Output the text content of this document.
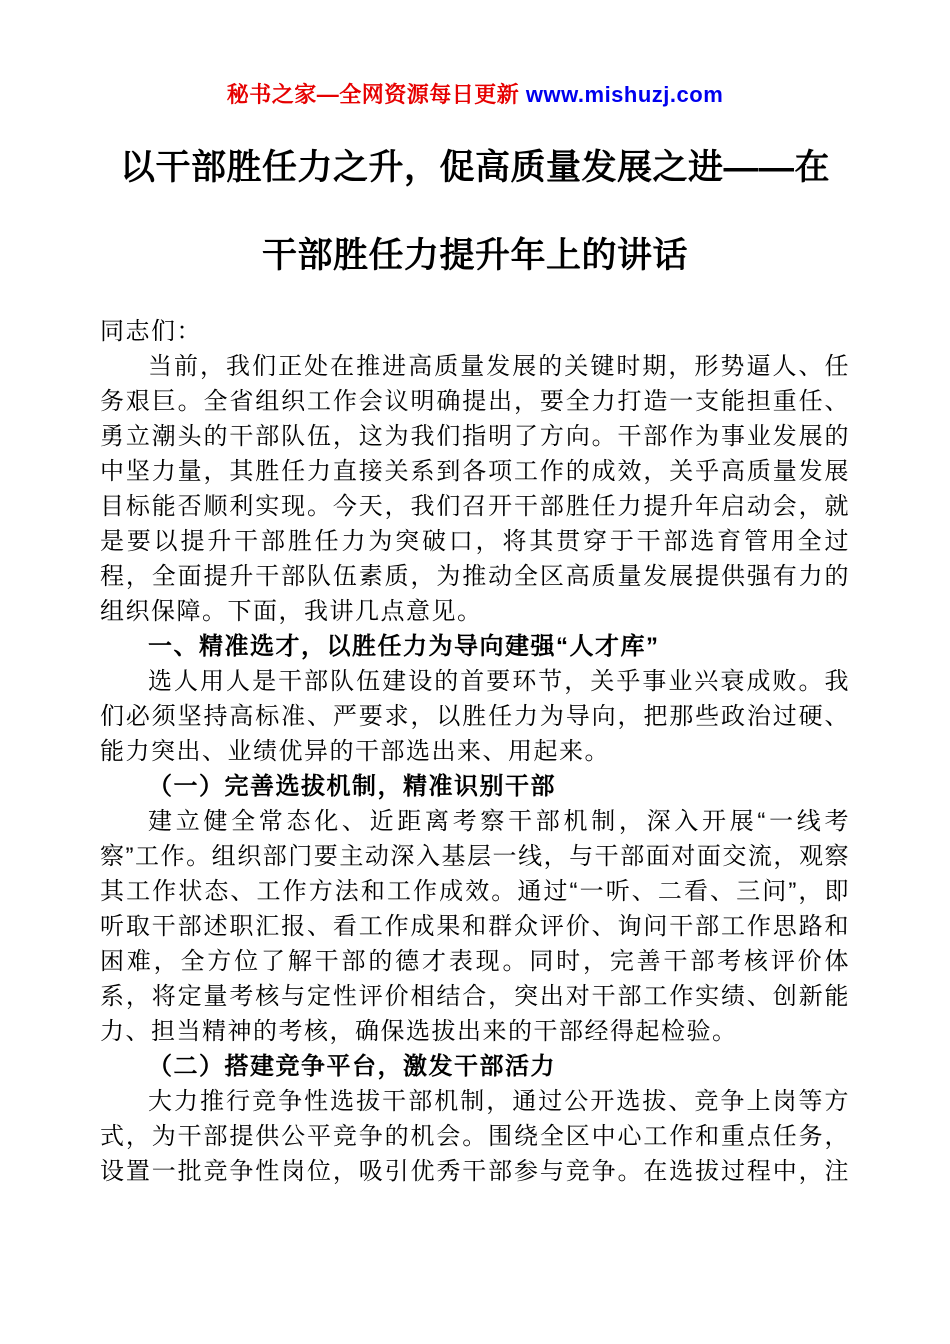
秘书之家—全网资源每日更新 www.mishuzj.com
以干部胜任力之升，促高质量发展之进——在
干部胜任力提升年上的讲话

同志们：

当前，我们正处在推进高质量发展的关键时期，形势逼人、任务艰巨。全省组织工作会议明确提出，要全力打造一支能担重任、勇立潮头的干部队伍，这为我们指明了方向。干部作为事业发展的中坚力量，其胜任力直接关系到各项工作的成效，关乎高质量发展目标能否顺利实现。今天，我们召开干部胜任力提升年启动会，就是要以提升干部胜任力为突破口，将其贯穿于干部选育管用全过程，全面提升干部队伍素质，为推动全区高质量发展提供强有力的组织保障。下面，我讲几点意见。

一、精准选才，以胜任力为导向建强“人才库”

选人用人是干部队伍建设的首要环节，关乎事业兴衰成败。我们必须坚持高标准、严要求，以胜任力为导向，把那些政治过硬、能力突出、业绩优异的干部选出来、用起来。

（一）完善选拔机制，精准识别干部

建立健全常态化、近距离考察干部机制，深入开展“一线考察”工作。组织部门要主动深入基层一线，与干部面对面交流，观察其工作状态、工作方法和工作成效。通过“一听、二看、三问”，即听取干部述职汇报、看工作成果和群众评价、询问干部工作思路和困难，全方位了解干部的德才表现。同时，完善干部考核评价体系，将定量考核与定性评价相结合，突出对干部工作实绩、创新能力、担当精神的考核，确保选拔出来的干部经得起检验。

（二）搭建竞争平台，激发干部活力

大力推行竞争性选拔干部机制，通过公开选拔、竞争上岗等方式，为干部提供公平竞争的机会。围绕全区中心工作和重点任务，设置一批竞争性岗位，吸引优秀干部参与竞争。在选拔过程中，注
